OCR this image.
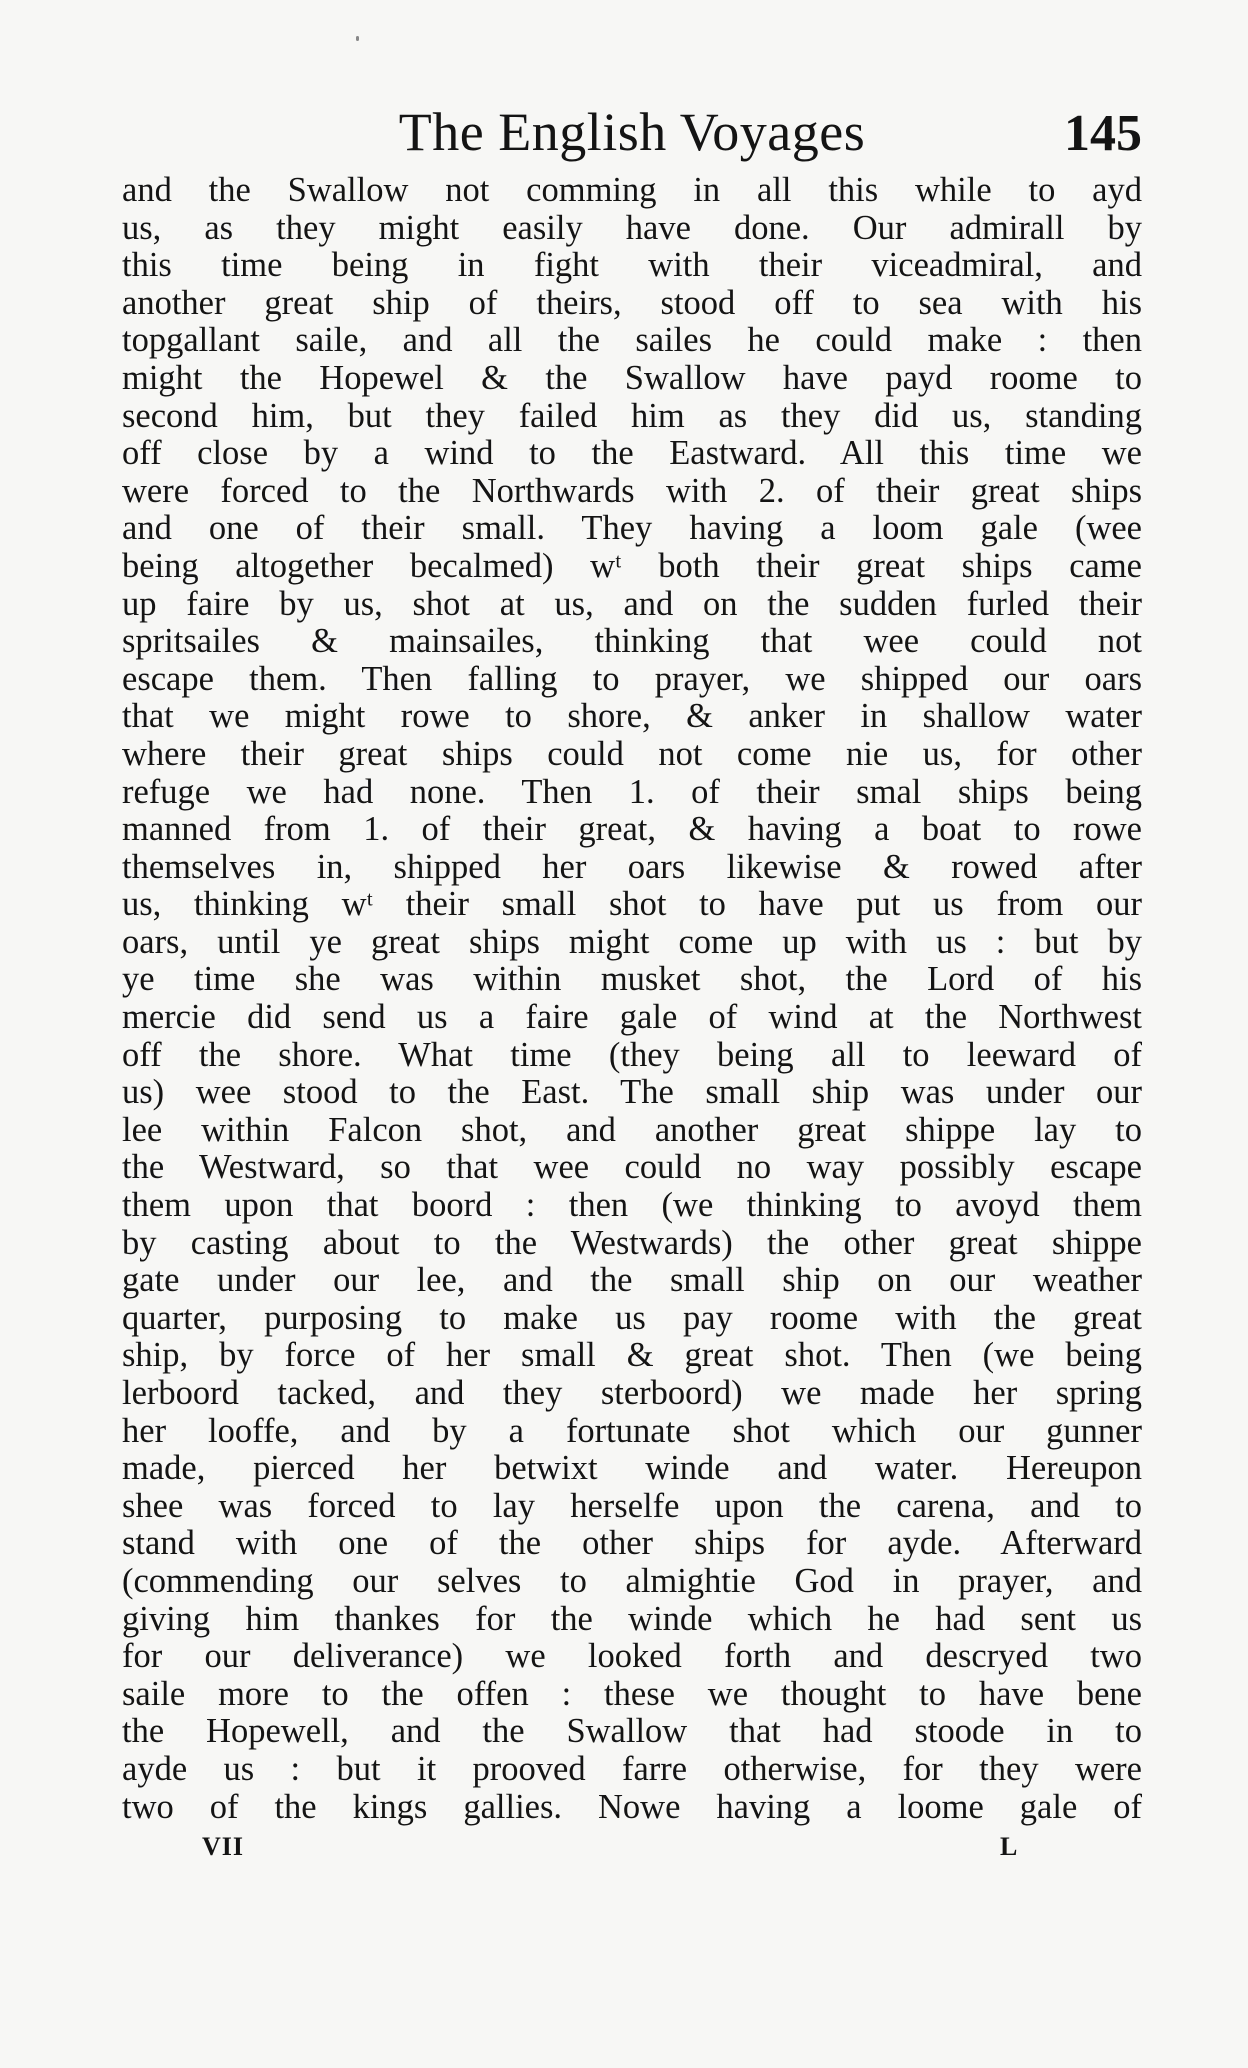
The English Voyages	145
and the Swallow not comming in all this while to ayd
us, as they might easily have done. Our admirall by
this time being in fight with their viceadmiral, and
another great ship of theirs, stood off to sea with his
topgallant saile, and all the sailes he could make : then
might the Hopewel & the Swallow have payd roome to
second him, but they failed him as they did us, standing
off close by a wind to the Eastward. All this time we
were forced to the Northwards with 2. of their great ships
and one of their small. They having a loom gale (wee
being altogether becalmed) wᵗ both their great ships came
up faire by us, shot at us, and on the sudden furled their
spritsailes & mainsailes, thinking that wee could not
escape them. Then falling to prayer, we shipped our oars
that we might rowe to shore, & anker in shallow water
where their great ships could not come nie us, for other
refuge we had none. Then 1. of their smal ships being
manned from 1. of their great, & having a boat to rowe
themselves in, shipped her oars likewise & rowed after
us, thinking wᵗ their small shot to have put us from our
oars, until ye great ships might come up with us : but by
ye time she was within musket shot, the Lord of his
mercie did send us a faire gale of wind at the Northwest
off the shore. What time (they being all to leeward of
us) wee stood to the East. The small ship was under our
lee within Falcon shot, and another great shippe lay to
the Westward, so that wee could no way possibly escape
them upon that boord : then (we thinking to avoyd them
by casting about to the Westwards) the other great shippe
gate under our lee, and the small ship on our weather
quarter, purposing to make us pay roome with the great
ship, by force of her small & great shot. Then (we being
lerboord tacked, and they sterboord) we made her spring
her looffe, and by a fortunate shot which our gunner
made, pierced her betwixt winde and water. Hereupon
shee was forced to lay herselfe upon the carena, and to
stand with one of the other ships for ayde. Afterward
(commending our selves to almightie God in prayer, and
giving him thankes for the winde which he had sent us
for our deliverance) we looked forth and descryed two
saile more to the offen : these we thought to have bene
the Hopewell, and the Swallow that had stoode in to
ayde us : but it prooved farre otherwise, for they were
two of the kings gallies. Nowe having a loome gale of
VII	L
